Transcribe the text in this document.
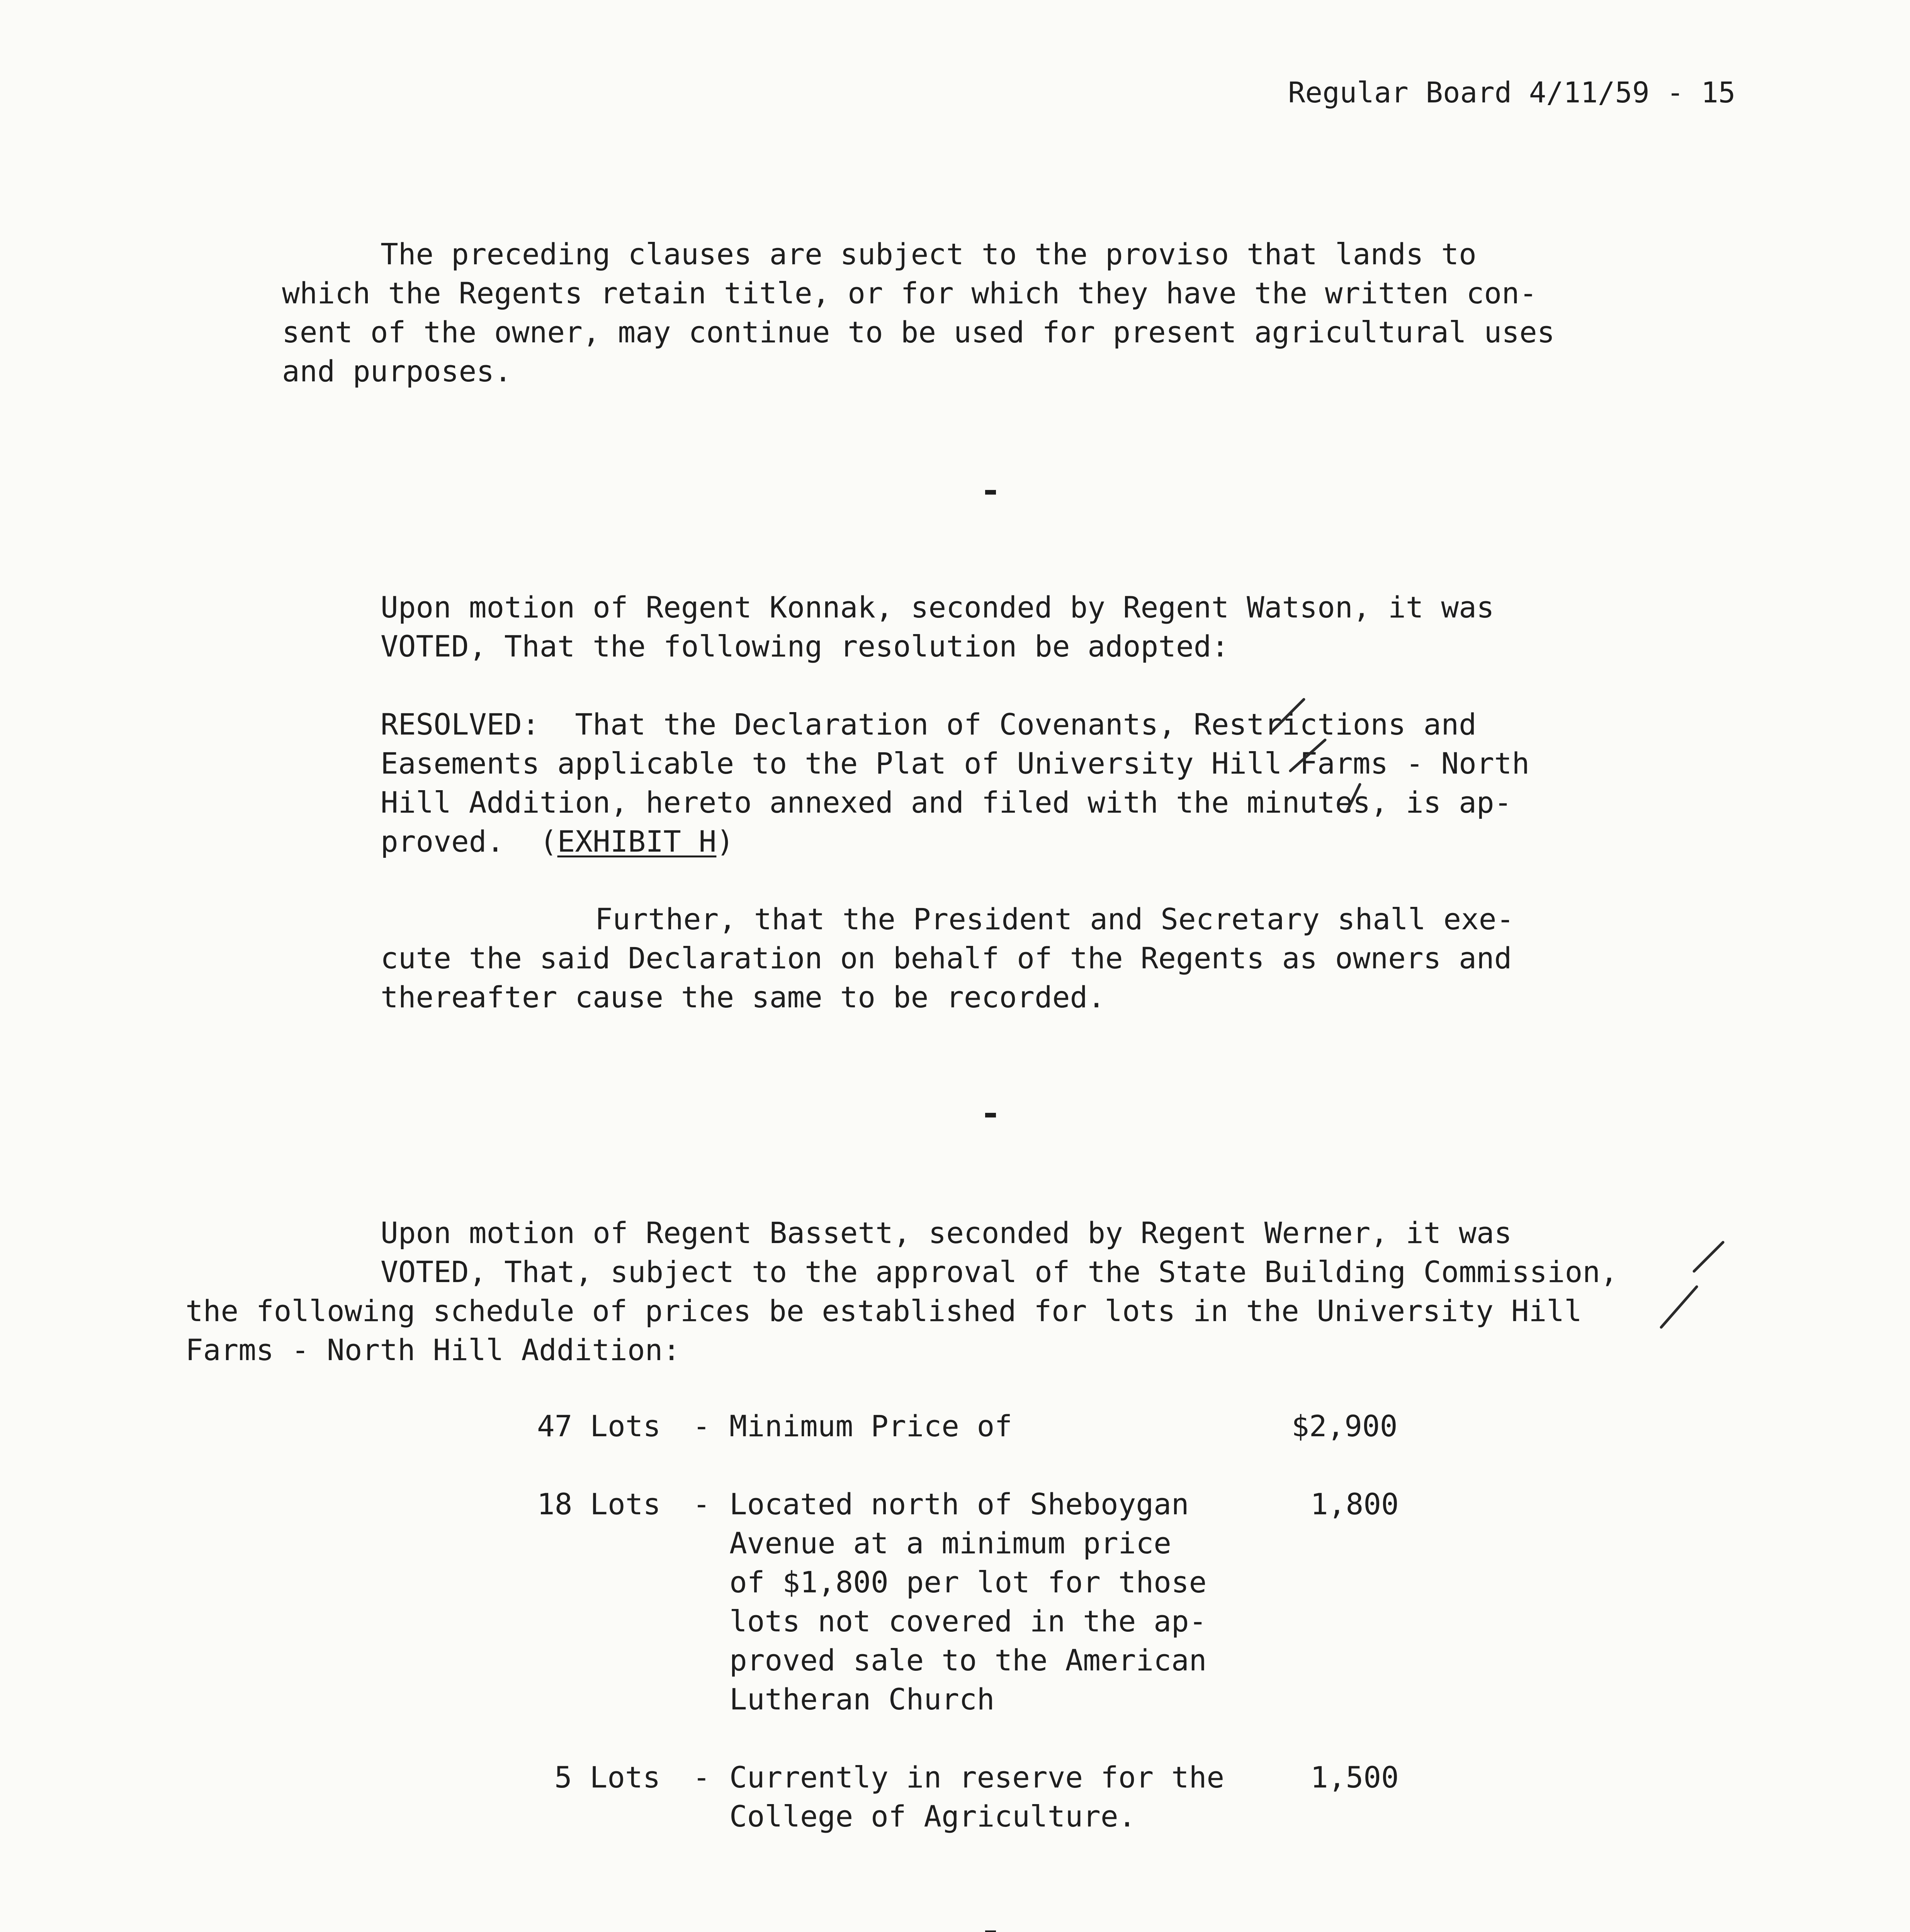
Regular Board 4/11/59 - 15
The preceding clauses are subject to the proviso that lands to
which the Regents retain title, or for which they have the written con-
sent of the owner, may continue to be used for present agricultural uses
and purposes.
Upon motion of Regent Konnak, seconded by Regent Watson, it was
VOTED, That the following resolution be adopted:
RESOLVED:  That the Declaration of Covenants, Restrictions and
Easements applicable to the Plat of University Hill Farms - North
Hill Addition, hereto annexed and filed with the minutes, is ap-
proved.  (EXHIBIT H)
Further, that the President and Secretary shall exe-
cute the said Declaration on behalf of the Regents as owners and
thereafter cause the same to be recorded.
Upon motion of Regent Bassett, seconded by Regent Werner, it was
VOTED, That, subject to the approval of the State Building Commission,
the following schedule of prices be established for lots in the University Hill
Farms - North Hill Addition:
47 Lots - Minimum Price of	$2,900
18 Lots - Located north of Sheboygan
Avenue at a minimum price
of $1,800 per lot for those
lots not covered in the ap-
proved sale to the American
Lutheran Church
1,800
5 Lots - Currently in reserve for the
College of Agriculture.
1,500
